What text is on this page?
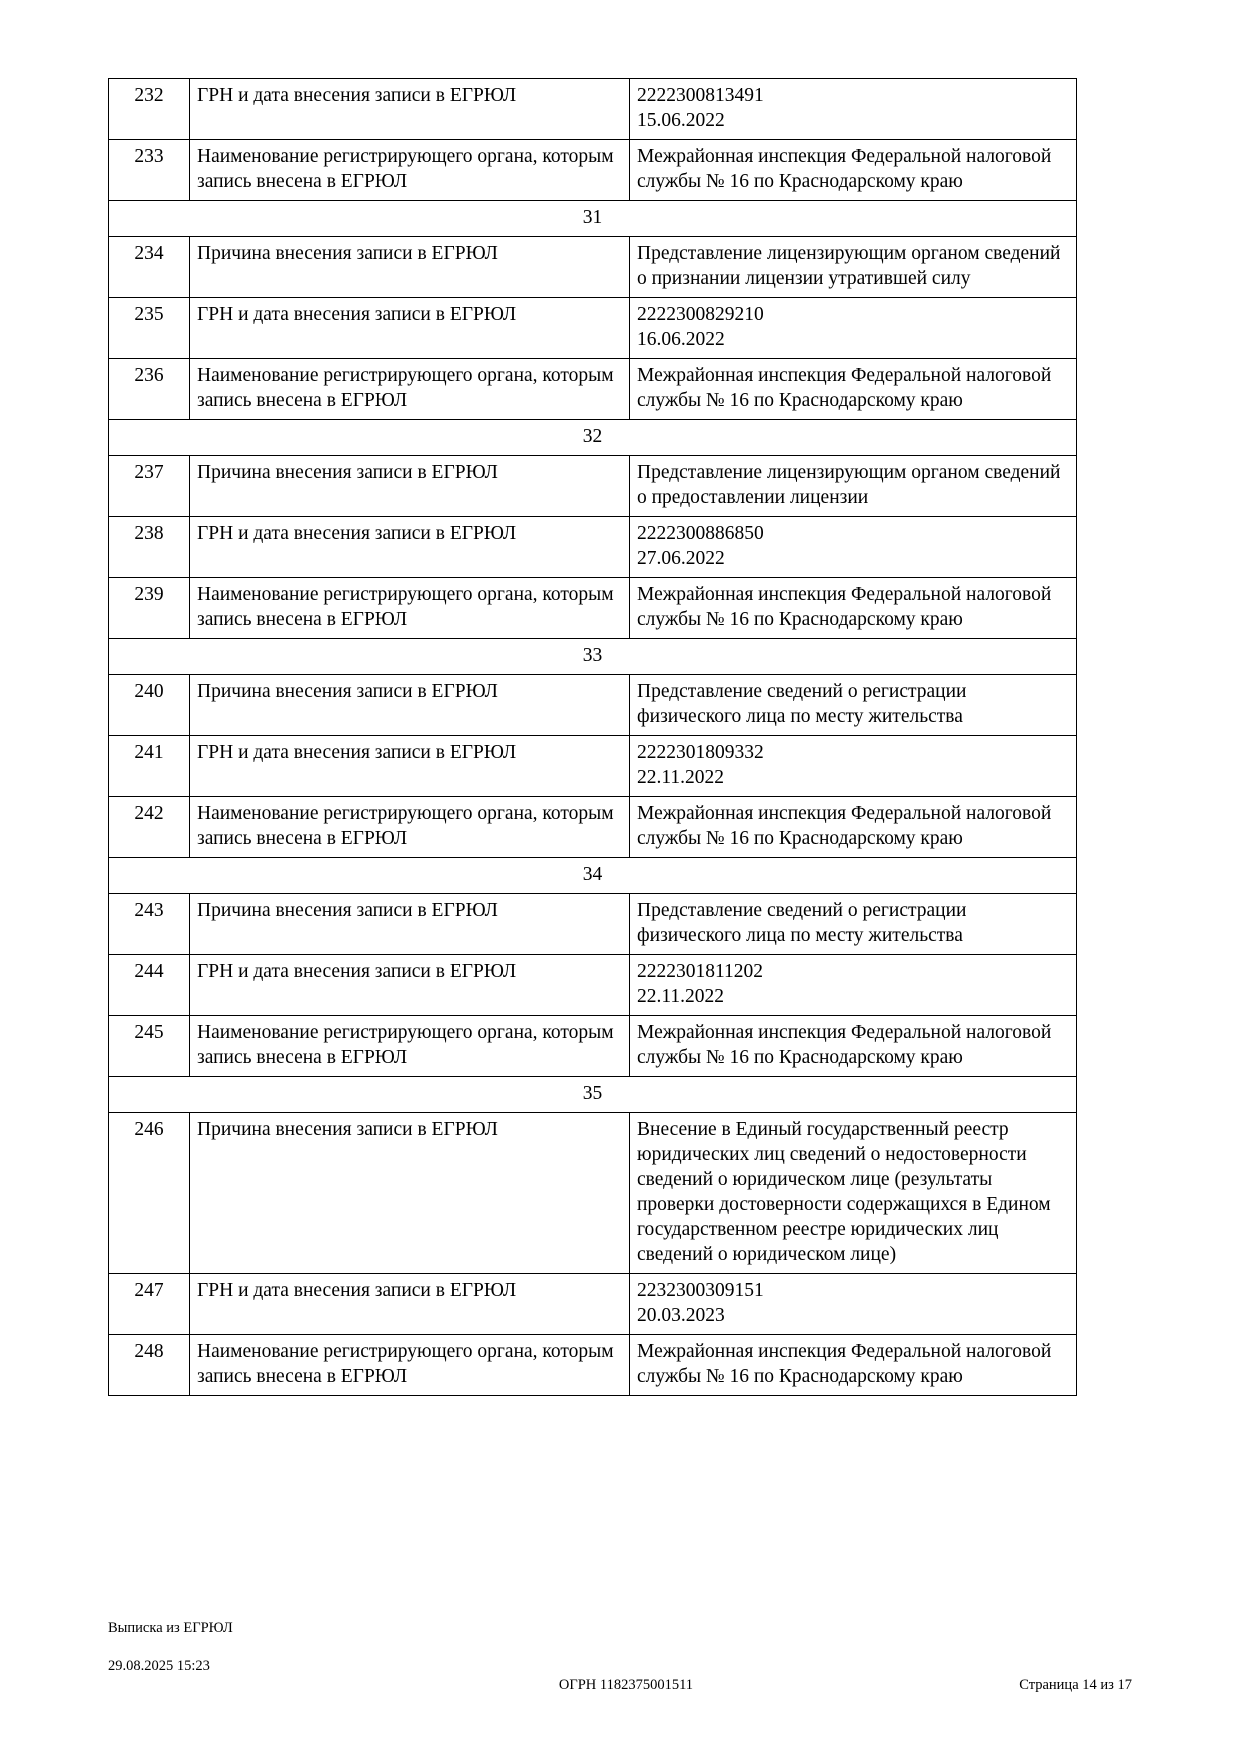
232	ГРН и дата внесения записи в ЕГРЮЛ	2222300813491
15.06.2022

233	Наименование регистрирующего органа, которым запись внесена в ЕГРЮЛ	Межрайонная инспекция Федеральной налоговой службы № 16 по Краснодарскому краю
31		
234	Причина внесения записи в ЕГРЮЛ	Представление лицензирующим органом сведений о признании лицензии утратившей силу
235	ГРН и дата внесения записи в ЕГРЮЛ	2222300829210
16.06.2022

236	Наименование регистрирующего органа, которым запись внесена в ЕГРЮЛ	Межрайонная инспекция Федеральной налоговой службы № 16 по Краснодарскому краю
32		
237	Причина внесения записи в ЕГРЮЛ	Представление лицензирующим органом сведений о предоставлении лицензии
238	ГРН и дата внесения записи в ЕГРЮЛ	2222300886850
27.06.2022

239	Наименование регистрирующего органа, которым запись внесена в ЕГРЮЛ	Межрайонная инспекция Федеральной налоговой службы № 16 по Краснодарскому краю
33		
240	Причина внесения записи в ЕГРЮЛ	Представление сведений о регистрации физического лица по месту жительства
241	ГРН и дата внесения записи в ЕГРЮЛ	2222301809332
22.11.2022

242	Наименование регистрирующего органа, которым запись внесена в ЕГРЮЛ	Межрайонная инспекция Федеральной налоговой службы № 16 по Краснодарскому краю
34		
243	Причина внесения записи в ЕГРЮЛ	Представление сведений о регистрации физического лица по месту жительства
244	ГРН и дата внесения записи в ЕГРЮЛ	2222301811202
22.11.2022

245	Наименование регистрирующего органа, которым запись внесена в ЕГРЮЛ	Межрайонная инспекция Федеральной налоговой службы № 16 по Краснодарскому краю
35		
246	Причина внесения записи в ЕГРЮЛ	Внесение в Единый государственный реестр юридических лиц сведений о недостоверности сведений о юридическом лице (результаты проверки достоверности содержащихся в Едином государственном реестре юридических лиц сведений о юридическом лице)
247	ГРН и дата внесения записи в ЕГРЮЛ	2232300309151
20.03.2023

248	Наименование регистрирующего органа, которым запись внесена в ЕГРЮЛ	Межрайонная инспекция Федеральной налоговой службы № 16 по Краснодарскому краю

Выписка из ЕГРЮЛ

29.08.2025 15:23

ОГРН 1182375001511	Страница 14 из 17
